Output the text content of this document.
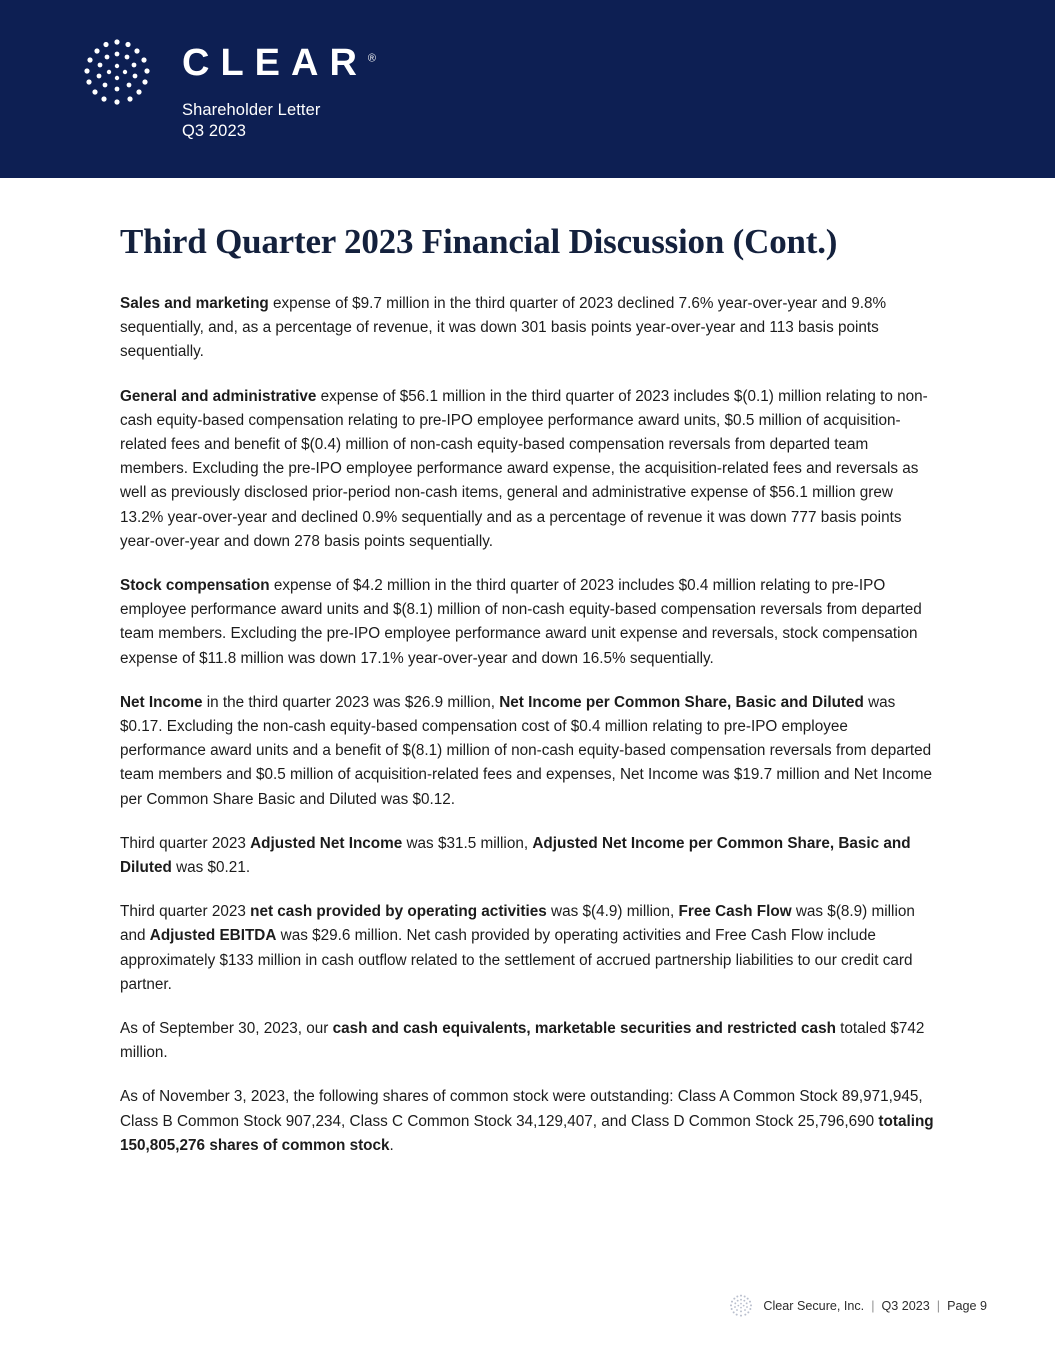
CLEAR®
Shareholder Letter
Q3 2023
Third Quarter 2023 Financial Discussion (Cont.)

Sales and marketing expense of $9.7 million in the third quarter of 2023 declined 7.6% year-over-year and 9.8% sequentially, and, as a percentage of revenue, it was down 301 basis points year-over-year and 113 basis points sequentially.

General and administrative expense of $56.1 million in the third quarter of 2023 includes $(0.1) million relating to non-cash equity-based compensation relating to pre-IPO employee performance award units, $0.5 million of acquisition-related fees and benefit of $(0.4) million of non-cash equity-based compensation reversals from departed team members. Excluding the pre-IPO employee performance award expense, the acquisition-related fees and reversals as well as previously disclosed prior-period non-cash items, general and administrative expense of $56.1 million grew 13.2% year-over-year and declined 0.9% sequentially and as a percentage of revenue it was down 777 basis points year-over-year and down 278 basis points sequentially.

Stock compensation expense of $4.2 million in the third quarter of 2023 includes $0.4 million relating to pre-IPO employee performance award units and $(8.1) million of non-cash equity-based compensation reversals from departed team members. Excluding the pre-IPO employee performance award unit expense and reversals, stock compensation expense of $11.8 million was down 17.1% year-over-year and down 16.5% sequentially.

Net Income in the third quarter 2023 was $26.9 million, Net Income per Common Share, Basic and Diluted was $0.17. Excluding the non-cash equity-based compensation cost of $0.4 million relating to pre-IPO employee performance award units and a benefit of $(8.1) million of non-cash equity-based compensation reversals from departed team members and $0.5 million of acquisition-related fees and expenses, Net Income was $19.7 million and Net Income per Common Share Basic and Diluted was $0.12.

Third quarter 2023 Adjusted Net Income was $31.5 million, Adjusted Net Income per Common Share, Basic and Diluted was $0.21.

Third quarter 2023 net cash provided by operating activities was $(4.9) million, Free Cash Flow was $(8.9) million and Adjusted EBITDA was $29.6 million. Net cash provided by operating activities and Free Cash Flow include approximately $133 million in cash outflow related to the settlement of accrued partnership liabilities to our credit card partner.

As of September 30, 2023, our cash and cash equivalents, marketable securities and restricted cash totaled $742 million.

As of November 3, 2023, the following shares of common stock were outstanding: Class A Common Stock 89,971,945, Class B Common Stock 907,234, Class C Common Stock 34,129,407, and Class D Common Stock 25,796,690 totaling 150,805,276 shares of common stock.

Clear Secure, Inc. | Q3 2023 | Page 9
